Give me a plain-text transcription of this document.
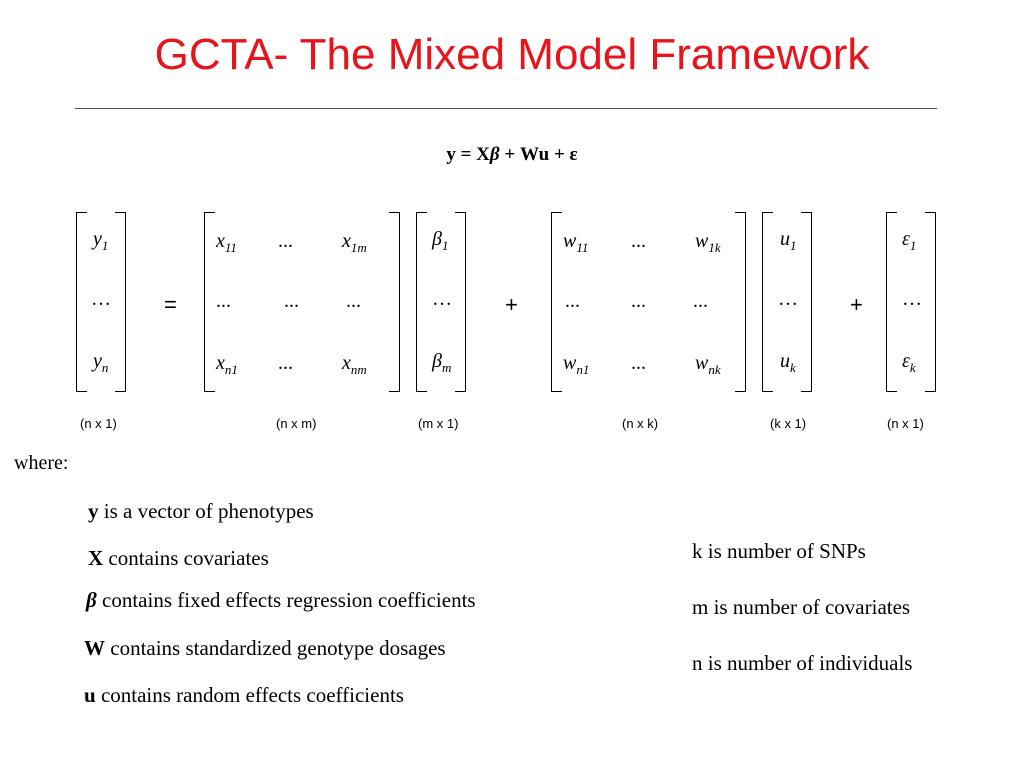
GCTA- The Mixed Model Framework
y = Xβ + Wu + ε
$y_1$
…
$y_n$
=
$x_{11}$ ... $x_{1m}$
...	... ...
$x_{n1}$ ... $x_{nm}$
$\beta_1$
…
$\beta_m$
+
$w_{11}$ ... $w_{1k}$
...	... ...
$w_{n1}$ ... $w_{nk}$
$u_1$
…
$u_k$
+
$\varepsilon_1$
…
$\varepsilon_k$
(n x 1)	(n x m)	(m x 1)	(n x k)	(k x 1)	(n x 1)
where:
y is a vector of phenotypes
X contains covariates
β contains fixed effects regression coefficients
W contains standardized genotype dosages
u contains random effects coefficients
k is number of SNPs
m is number of covariates
n is number of individuals
